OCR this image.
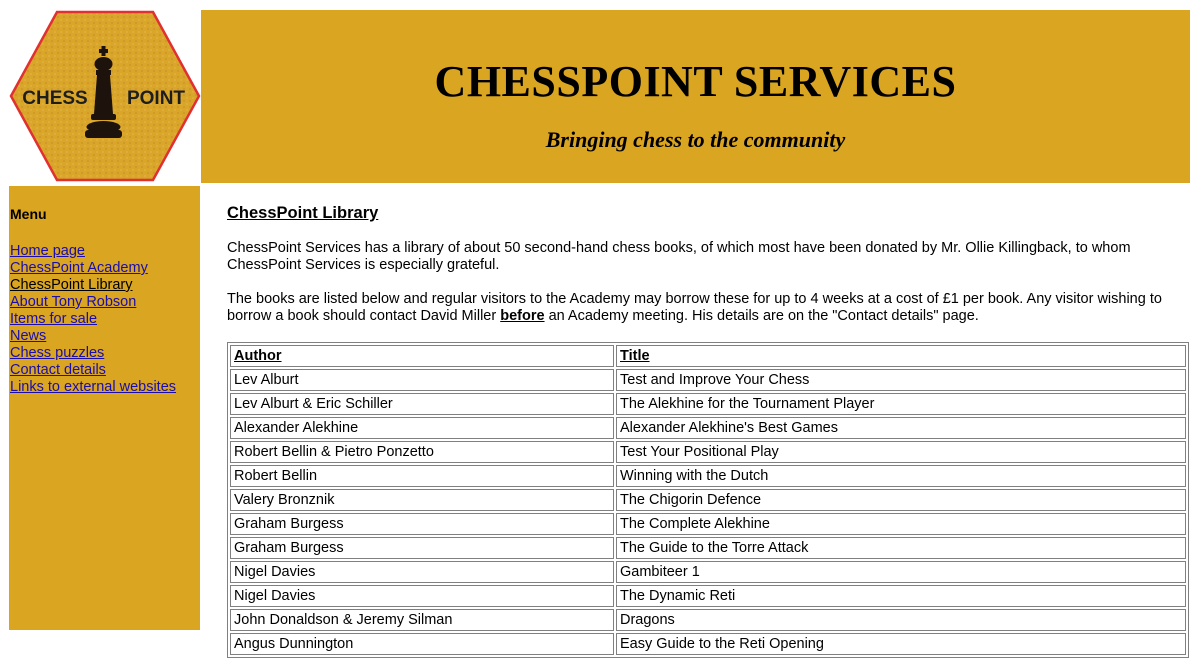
CHESS POINT	CHESSPOINT SERVICES

Bringing chess to the community

Menu
Home page
ChessPoint Academy
ChessPoint Library
About Tony Robson
Items for sale
News
Chess puzzles
Contact details
Links to external websites
ChessPoint Library

ChessPoint Services has a library of about 50 second-hand chess books, of which most have been donated by Mr. Ollie Killingback, to whom ChessPoint Services is especially grateful.

The books are listed below and regular visitors to the Academy may borrow these for up to 4 weeks at a cost of £1 per book. Any visitor wishing to borrow a book should contact David Miller before an Academy meeting. His details are on the "Contact details" page.

Author	Title
Lev Alburt	Test and Improve Your Chess
Lev Alburt & Eric Schiller	The Alekhine for the Tournament Player
Alexander Alekhine	Alexander Alekhine's Best Games
Robert Bellin & Pietro Ponzetto	Test Your Positional Play
Robert Bellin	Winning with the Dutch
Valery Bronznik	The Chigorin Defence
Graham Burgess	The Complete Alekhine
Graham Burgess	The Guide to the Torre Attack
Nigel Davies	Gambiteer 1
Nigel Davies	The Dynamic Reti
John Donaldson & Jeremy Silman	Dragons
Angus Dunnington	Easy Guide to the Reti Opening
